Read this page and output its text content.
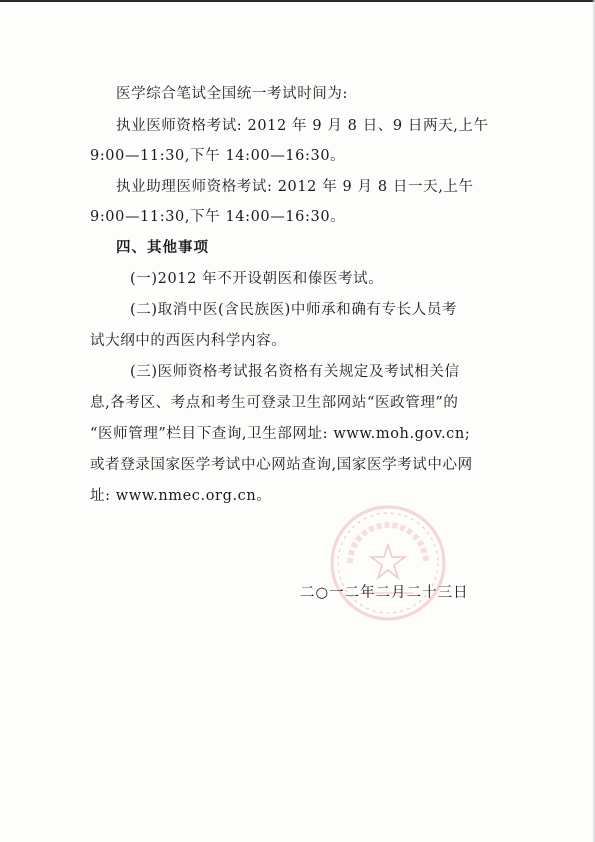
医学综合笔试全国统一考试时间为:
执业医师资格考试: 2012 年 9 月 8 日、9 日两天,上午
9:00—11:30,下午 14:00—16:30。
执业助理医师资格考试: 2012 年 9 月 8 日一天,上午
9:00—11:30,下午 14:00—16:30。
四、其他事项
(一)2012 年不开设朝医和傣医考试。
(二)取消中医(含民族医)中师承和确有专长人员考
试大纲中的西医内科学内容。
(三)医师资格考试报名资格有关规定及考试相关信
息,各考区、考点和考生可登录卫生部网站“医政管理”的
“医师管理”栏目下查询,卫生部网址: www.moh.gov.cn;
或者登录国家医学考试中心网站查询,国家医学考试中心网
址: www.nmec.org.cn。
二○一二年二月二十三日
